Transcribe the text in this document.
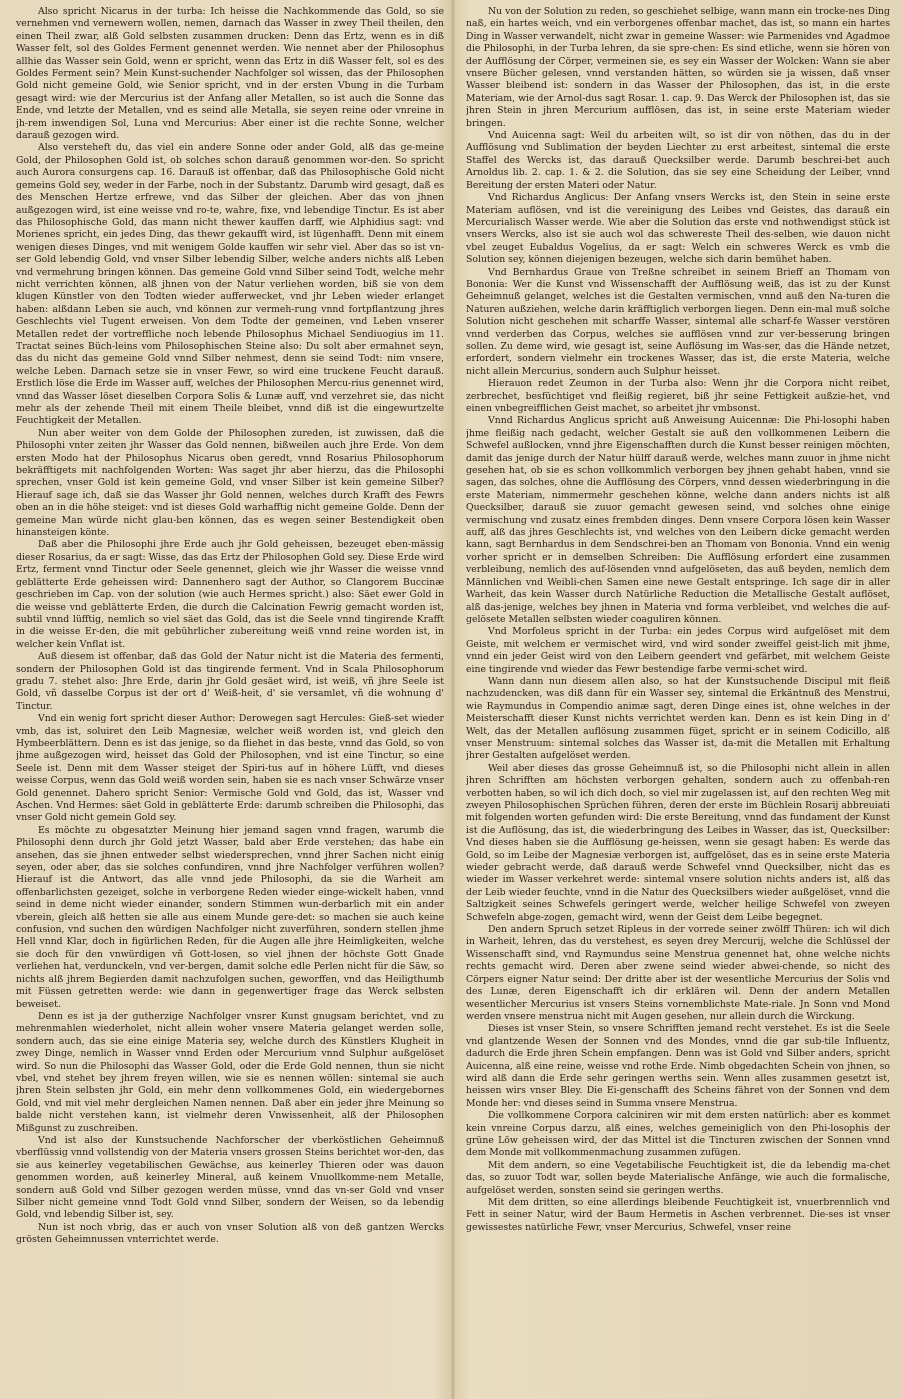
Also spricht Nicarus in der turba: Ich heisse die Nachkommende das Gold, so sie vernehmen vnd vernewern wollen, nemen, darnach das Wasser in zwey Theil theilen, den einen Theil zwar, alß Gold selbsten zusammen drucken: Denn das Ertz, wenn es in diß Wasser felt, sol des Goldes Ferment genennet werden. Wie nennet aber der Philosophus allhie das Wasser sein Gold, wenn er spricht, wenn das Ertz in diß Wasser felt, sol es des Goldes Ferment sein? Mein Kunst-suchender Nachfolger sol wissen, das der Philosophen Gold nicht gemeine Gold, wie Senior spricht, vnd in der ersten Vbung in die Turbam gesagt wird: wie der Mercurius ist der Anfang aller Metallen, so ist auch die Sonne das Ende, vnd letzte der Metallen, vnd es seind alle Metalla, sie seyen reine oder vnreine in jh-rem inwendigen Sol, Luna vnd Mercurius: Aber einer ist die rechte Sonne, welcher darauß gezogen wird.

Also versteheft du, das viel ein andere Sonne oder ander Gold, alß das ge-meine Gold, der Philosophen Gold ist, ob solches schon darauß genommen wor-den. So spricht auch Aurora consurgens cap. 16. Darauß ist offenbar, daß das Philosophische Gold nicht gemeins Gold sey, weder in der Farbe, noch in der Substantz. Darumb wird gesagt, daß es des Menschen Hertze erfrewe, vnd das Silber der gleichen. Aber das von jhnen außgezogen wird, ist eine weisse vnd ro-te, wahre, fixe, vnd lebendige Tinctur. Es ist aber das Philosophische Gold, das mann nicht thewer kauffen darff, wie Alphidius sagt: vnd Morienes spricht, ein jedes Ding, das thewr gekaufft wird, ist lügenhafft. Denn mit einem wenigen dieses Dinges, vnd mit wenigem Golde kauffen wir sehr viel. Aber das so ist vn-ser Gold lebendig Gold, vnd vnser Silber lebendig Silber, welche anders nichts alß Leben vnd vermehrung bringen können. Das gemeine Gold vnnd Silber seind Todt, welche mehr nicht verrichten können, alß jhnen von der Natur verliehen worden, biß sie von dem klugen Künstler von den Todten wieder aufferwecket, vnd jhr Leben wieder erlanget haben: alßdann Leben sie auch, vnd können zur vermeh-rung vnnd fortpflantzung jhres Geschlechts viel Tugent erweisen. Von dem Todte der gemeinen, vnd Leben vnserer Metallen redet der vortreffliche noch lebende Philosophus Michael Sendiuogius im 11. Tractat seines Büch-leins vom Philosophischen Steine also: Du solt aber ermahnet seyn, das du nicht das gemeine Gold vnnd Silber nehmest, denn sie seind Todt: nim vnsere, welche Leben. Darnach setze sie in vnser Fewr, so wird eine truckene Feucht darauß. Erstlich löse die Erde im Wasser auff, welches der Philosophen Mercu-rius genennet wird, vnnd das Wasser löset dieselben Corpora Solis & Lunæ auff, vnd verzehret sie, das nicht mehr als der zehende Theil mit einem Theile bleibet, vnnd diß ist die eingewurtzelte Feuchtigkeit der Metallen.

Nun aber weiter von dem Golde der Philosophen zureden, ist zuwissen, daß die Philosophi vnter zeiten jhr Wasser das Gold nennen, bißweilen auch jhre Erde. Von dem ersten Modo hat der Philosophus Nicarus oben geredt, vnnd Rosarius Philosophorum bekräfftigets mit nachfolgenden Worten: Was saget jhr aber hierzu, das die Philosophi sprechen, vnser Gold ist kein gemeine Gold, vnd vnser Silber ist kein gemeine Silber? Hierauf sage ich, daß sie das Wasser jhr Gold nennen, welches durch Krafft des Fewrs oben an in die höhe steiget: vnd ist dieses Gold warhafftig nicht gemeine Golde. Denn der gemeine Man würde nicht glau-ben können, das es wegen seiner Bestendigkeit oben hinansteigen könte.

Daß aber die Philosophi jhre Erde auch jhr Gold geheissen, bezeuget eben-mässig dieser Rosarius, da er sagt: Wisse, das das Ertz der Philosophen Gold sey. Diese Erde wird Ertz, ferment vnnd Tinctur oder Seele genennet, gleich wie jhr Wasser die weisse vnnd geblätterte Erde geheissen wird: Dannenhero sagt der Author, so Clangorem Buccinæ geschrieben im Cap. von der solution (wie auch Hermes spricht.) also: Säet ewer Gold in die weisse vnd geblätterte Erden, die durch die Calcination Fewrig gemacht worden ist, subtil vnnd lüfftig, nemlich so viel säet das Gold, das ist die Seele vnnd tingirende Krafft in die weisse Er-den, die mit gebührlicher zubereitung weiß vnnd reine worden ist, in welcher kein Vnflat ist.

Auß diesem ist offenbar, daß das Gold der Natur nicht ist die Materia des fermenti, sondern der Philosophen Gold ist das tingirende ferment. Vnd in Scala Philosophorum gradu 7. stehet also: Jhre Erde, darin jhr Gold gesäet wird, ist weiß, vñ jhre Seele ist Gold, vñ dasselbe Corpus ist der ort d' Weiß-heit, d' sie versamlet, vñ die wohnung d' Tinctur.

Vnd ein wenig fort spricht dieser Author: Derowegen sagt Hercules: Gieß-set wieder vmb, das ist, soluiret den Leib Magnesiæ, welcher weiß worden ist, vnd gleich den Hymbeerblättern. Denn es ist das jenige, so da fliehet in das beste, vnnd das Gold, so von jhme außgezogen wird, heisset das Gold der Philosophen, vnd ist eine Tinctur, so eine Seele ist. Denn mit dem Wasser steiget der Spiri-tus auf in höhere Lüfft, vnd dieses weisse Corpus, wenn das Gold weiß worden sein, haben sie es nach vnser Schwärze vnser Gold genennet. Dahero spricht Senior: Vermische Gold vnd Gold, das ist, Wasser vnd Aschen. Vnd Hermes: säet Gold in geblätterte Erde: darumb schreiben die Philosophi, das vnser Gold nicht gemein Gold sey.

Es möchte zu obgesatzter Meinung hier jemand sagen vnnd fragen, warumb die Philosophi denn durch jhr Gold jetzt Wasser, bald aber Erde verstehen; das habe ein ansehen, das sie jhnen entweder selbst wiedersprechen, vnnd jhrer Sachen nicht einig seyen, oder aber, das sie solches confundiren, vnnd jhre Nachfolger verführen wollen? Hierauf ist die Antwort, das alle vnnd jede Philosophi, da sie die Warheit am offenbarlichsten gezeiget, solche in verborgene Reden wieder einge-wickelt haben, vnnd seind in deme nicht wieder einander, sondern Stimmen wun-derbarlich mit ein ander vberein, gleich alß hetten sie alle aus einem Munde gere-det: so machen sie auch keine confusion, vnd suchen den würdigen Nachfolger nicht zuverführen, sondern stellen jhme Hell vnnd Klar, doch in figürlichen Reden, für die Augen alle jhre Heimligkeiten, welche sie doch für den vnwürdigen vñ Gott-losen, so viel jhnen der höchste Gott Gnade verliehen hat, verdunckeln, vnd ver-bergen, damit solche edle Perlen nicht für die Säw, so nichts alß jhrem Begierden damit nachzufolgen suchen, geworffen, vnd das Heiligthumb mit Füssen getretten werde: wie dann in gegenwertiger frage das Werck selbsten beweiset.

Denn es ist ja der gutherzige Nachfolger vnsrer Kunst gnugsam berichtet, vnd zu mehrenmahlen wiederholet, nicht allein woher vnsere Materia gelanget werden solle, sondern auch, das sie eine einige Materia sey, welche durch des Künstlers Klugheit in zwey Dinge, nemlich in Wasser vnnd Erden oder Mercurium vnnd Sulphur außgelöset wird. So nun die Philosophi das Wasser Gold, oder die Erde Gold nennen, thun sie nicht vbel, vnd stehet bey jhrem freyen willen, wie sie es nennen wöllen: sintemal sie auch jhren Stein selbsten jhr Gold, ein mehr denn vollkommenes Gold, ein wiedergebornes Gold, vnd mit viel mehr dergleichen Namen nennen. Daß aber ein jeder jhre Meinung so balde nicht verstehen kann, ist vielmehr deren Vnwissenheit, alß der Philosophen Mißgunst zu zuschreiben.

Vnd ist also der Kunstsuchende Nachforscher der vberköstlichen Geheimnuß vberflüssig vnnd vollstendig von der Materia vnsers grossen Steins berichtet wor-den, das sie aus keinerley vegetabilischen Gewächse, aus keinerley Thieren oder was dauon genommen worden, auß keinerley Mineral, auß keinem Vnuollkomme-nem Metalle, sondern auß Gold vnd Silber gezogen werden müsse, vnnd das vn-ser Gold vnd vnser Silber nicht gemeine vnnd Todt Gold vnnd Silber, sondern der Weisen, so da lebendig Gold, vnd lebendig Silber ist, sey.

Nun ist noch vbrig, das er auch von vnser Solution alß von deß gantzen Wercks grösten Geheimnussen vnterrichtet werde.

Nu von der Solution zu reden, so geschiehet selbige, wann mann ein trocke-nes Ding naß, ein hartes weich, vnd ein verborgenes offenbar machet, das ist, so mann ein hartes Ding in Wasser verwandelt, nicht zwar in gemeine Wasser: wie Parmenides vnd Agadmoe die Philosophi, in der Turba lehren, da sie spre-chen: Es sind etliche, wenn sie hören von der Aufflösung der Cörper, vermeinen sie, es sey ein Wasser der Wolcken: Wann sie aber vnsere Bücher gelesen, vnnd verstanden hätten, so würden sie ja wissen, daß vnser Wasser bleibend ist: sondern in das Wasser der Philosophen, das ist, in die erste Materiam, wie der Arnol-dus sagt Rosar. 1. cap. 9. Das Werck der Philosophen ist, das sie jhren Stein in jhren Mercurium aufflösen, das ist, in seine erste Materiam wieder bringen.

Vnd Auicenna sagt: Weil du arbeiten wilt, so ist dir von nöthen, das du in der Aufflösung vnd Sublimation der beyden Liechter zu erst arbeitest, sintemal die erste Staffel des Wercks ist, das darauß Quecksilber werde. Darumb beschrei-bet auch Arnoldus lib. 2. cap. 1. & 2. die Solution, das sie sey eine Scheidung der Leiber, vnnd Bereitung der ersten Materi oder Natur.

Vnd Richardus Anglicus: Der Anfang vnsers Wercks ist, den Stein in seine erste Materiam auflösen, vnd ist die vereinigung des Leibes vnd Geistes, das darauß ein Mercurialisch Wasser werde. Wie aber die Solution das erste vnd nothwendigst stück ist vnsers Wercks, also ist sie auch wol das schwereste Theil des-selben, wie dauon nicht vbel zeuget Eubaldus Vogelius, da er sagt: Welch ein schweres Werck es vmb die Solution sey, können diejenigen bezeugen, welche sich darin bemühet haben.

Vnd Bernhardus Graue von Treßne schreibet in seinem Brieff an Thomam von Bononia: Wer die Kunst vnd Wissenschafft der Aufflösung weiß, das ist zu der Kunst Geheimnuß gelanget, welches ist die Gestalten vermischen, vnnd auß den Na-turen die Naturen außziehen, welche darin kräfftiglich verborgen liegen. Denn ein-mal muß solche Solution nicht geschehen mit scharffe Wasser, sintemal alle scharf-fe Wasser verstören vnnd verderben das Corpus, welches sie aufflösen vnnd zur ver-besserung bringen sollen. Zu deme wird, wie gesagt ist, seine Auflösung im Was-ser, das die Hände netzet, erfordert, sondern vielmehr ein trockenes Wasser, das ist, die erste Materia, welche nicht allein Mercurius, sondern auch Sulphur heisset.

Hierauon redet Zeumon in der Turba also: Wenn jhr die Corpora nicht reibet, zerbrechet, besfüchtiget vnd fleißig regieret, biß jhr seine Fettigkeit außzie-het, vnd einen vnbegreifflichen Geist machet, so arbeitet jhr vmbsonst.

Vnnd Richardus Anglicus spricht auß Anweisung Auicennæ: Die Phi-losophi haben jhme fleißig nach gedacht, welcher Gestalt sie auß den vollkommenen Leibern die Schwefel außlocken, vnnd jhre Eigenschafften durch die Kunst besser reinigen möchten, damit das jenige durch der Natur hülff darauß werde, welches mann zuuor in jhme nicht gesehen hat, ob sie es schon vollkommlich verborgen bey jhnen gehabt haben, vnnd sie sagen, das solches, ohne die Aufflösung des Cörpers, vnnd dessen wiederbringung in die erste Materiam, nimmermehr geschehen könne, welche dann anders nichts ist alß Quecksilber, darauß sie zuuor gemacht gewesen seind, vnd solches ohne einige vermischung vnd zusatz eines frembden dinges. Denn vnsere Corpora lösen kein Wasser auff, alß das jhres Geschlechts ist, vnd welches von den Leibern dicke gemacht werden kann, sagt Bernhardus in dem Sendschrei-ben an Thomam von Bononia. Vnnd ein wenig vorher spricht er in demselben Schreiben: Die Aufflösung erfordert eine zusammen verbleibung, nemlich des auf-lösenden vnnd aufgelöseten, das auß beyden, nemlich dem Männlichen vnd Weibli-chen Samen eine newe Gestalt entspringe. Ich sage dir in aller Warheit, das kein Wasser durch Natürliche Reduction die Metallische Gestalt auflöset, alß das-jenige, welches bey jhnen in Materia vnd forma verbleibet, vnd welches die auf-gelösete Metallen selbsten wieder coaguliren können.

Vnd Morfoleus spricht in der Turba: ein jedes Corpus wird aufgelöset mit dem Geiste, mit welchem er vermischet wird, vnd wird sonder zweiffel geist-lich mit jhme, vnnd ein jeder Geist wird von den Leibern geendert vnd gefärbet, mit welchem Geiste eine tingirende vnd wieder das Fewr bestendige farbe vermi-schet wird.

Wann dann nun diesem allen also, so hat der Kunstsuchende Discipul mit fleiß nachzudencken, was diß dann für ein Wasser sey, sintemal die Erkäntnuß des Menstrui, wie Raymundus in Compendio animæ sagt, deren Dinge eines ist, ohne welches in der Meisterschafft dieser Kunst nichts verrichtet werden kan. Denn es ist kein Ding in d' Welt, das der Metallen auflösung zusammen füget, spricht er in seinem Codicillo, alß vnser Menstruum: sintemal solches das Wasser ist, da-mit die Metallen mit Erhaltung jhrer Gestalten aufgelöset werden.

Weil aber dieses das grosse Geheimnuß ist, so die Philosophi nicht allein in allen jhren Schrifften am höchsten verborgen gehalten, sondern auch zu offenbah-ren verbotten haben, so wil ich dich doch, so viel mir zugelassen ist, auf den rechten Weg mit zweyen Philosophischen Sprüchen führen, deren der erste im Büchlein Rosarij abbreuiati mit folgenden worten gefunden wird: Die erste Bereitung, vnnd das fundament der Kunst ist die Auflösung, das ist, die wiederbringung des Leibes in Wasser, das ist, Quecksilber: Vnd dieses haben sie die Aufflösung ge-heissen, wenn sie gesagt haben: Es werde das Gold, so im Leibe der Magnesiæ verborgen ist, auffgelöset, das es in seine erste Materia wieder gebracht werde, daß darauß werde Schwefel vnnd Quecksilber, nicht das es wieder im Wasser verkehret werde: sintemal vnsere solution nichts anders ist, alß das der Leib wieder feuchte, vnnd in die Natur des Quecksilbers wieder außgelöset, vnnd die Saltzigkeit seines Schwefels geringert werde, welcher heilige Schwefel von zweyen Schwefeln abge-zogen, gemacht wird, wenn der Geist dem Leibe begegnet.

Den andern Spruch setzet Ripleus in der vorrede seiner zwölff Thüren: ich wil dich in Warheit, lehren, das du verstehest, es seyen drey Mercurij, welche die Schlüssel der Wissenschafft sind, vnd Raymundus seine Menstrua genennet hat, ohne welche nichts rechts gemacht wird. Deren aber zwene seind wieder abwei-chende, so nicht des Cörpers eigner Natur seind: Der dritte aber ist der wesentliche Mercurius der Solis vnd des Lunæ, deren Eigenschafft ich dir erklären wil. Denn der andern Metallen wesentlicher Mercurius ist vnsers Steins vornemblichste Mate-riale. Jn Sonn vnd Mond werden vnsere menstrua nicht mit Augen gesehen, nur allein durch die Wirckung.

Dieses ist vnser Stein, so vnsere Schrifften jemand recht verstehet. Es ist die Seele vnd glantzende Wesen der Sonnen vnd des Mondes, vnnd die gar sub-tile Influentz, dadurch die Erde jhren Schein empfangen. Denn was ist Gold vnd Silber anders, spricht Auicenna, alß eine reine, weisse vnd rothe Erde. Nimb obgedachten Schein von jhnen, so wird alß dann die Erde sehr geringen werths sein. Wenn alles zusammen gesetzt ist, heissen wirs vnser Bley. Die Ei-genschafft des Scheins fähret von der Sonnen vnd dem Monde her: vnd dieses seind in Summa vnsere Menstrua.

Die vollkommene Corpora calciniren wir mit dem ersten natürlich: aber es kommet kein vnreine Corpus darzu, alß eines, welches gemeiniglich von den Phi-losophis der grüne Löw geheissen wird, der das Mittel ist die Tincturen zwischen der Sonnen vnnd dem Monde mit vollkommenmachung zusammen zufügen.

Mit dem andern, so eine Vegetabilische Feuchtigkeit ist, die da lebendig ma-chet das, so zuuor Todt war, sollen beyde Materialische Anfänge, wie auch die formalische, aufgelöset werden, sonsten seind sie geringen werths.

Mit dem dritten, so eine allerdings bleibende Feuchtigkeit ist, vnuerbrennlich vnd Fett in seiner Natur, wird der Baum Hermetis in Aschen verbrennet. Die-ses ist vnser gewissestes natürliche Fewr, vnser Mercurius, Schwefel, vnser reine
